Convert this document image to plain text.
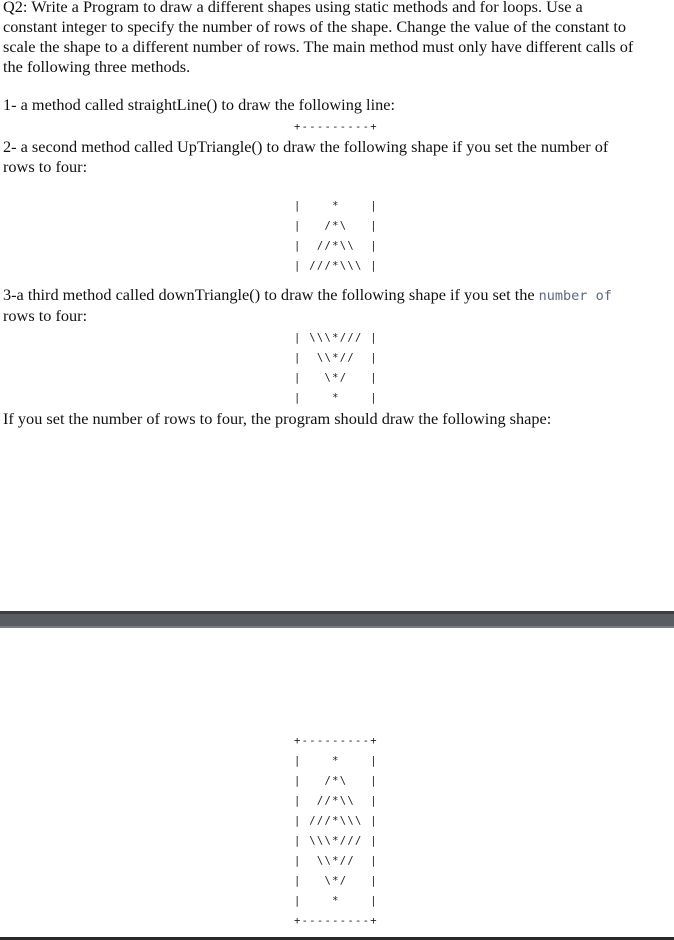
Q2: Write a Program to draw a different shapes using static methods and for loops. Use a
constant integer to specify the number of rows of the shape. Change the value of the constant to
scale the shape to a different number of rows. The main method must only have different calls of
the following three methods.
1- a method called straightLine() to draw the following line:
+---------+
2- a second method called UpTriangle() to draw the following shape if you set the number of
rows to four:
|    *    |
|   /*\   |
|  //*\\  |
| ///*\\\ |
3-a third method called downTriangle() to draw the following shape if you set the number of
rows to four:
| \\\*/// |
|  \\*//  |
|   \*/   |
|    *    |
If you set the number of rows to four, the program should draw the following shape:
+---------+
|    *    |
|   /*\   |
|  //*\\  |
| ///*\\\ |
| \\\*/// |
|  \\*//  |
|   \*/   |
|    *    |
+---------+
